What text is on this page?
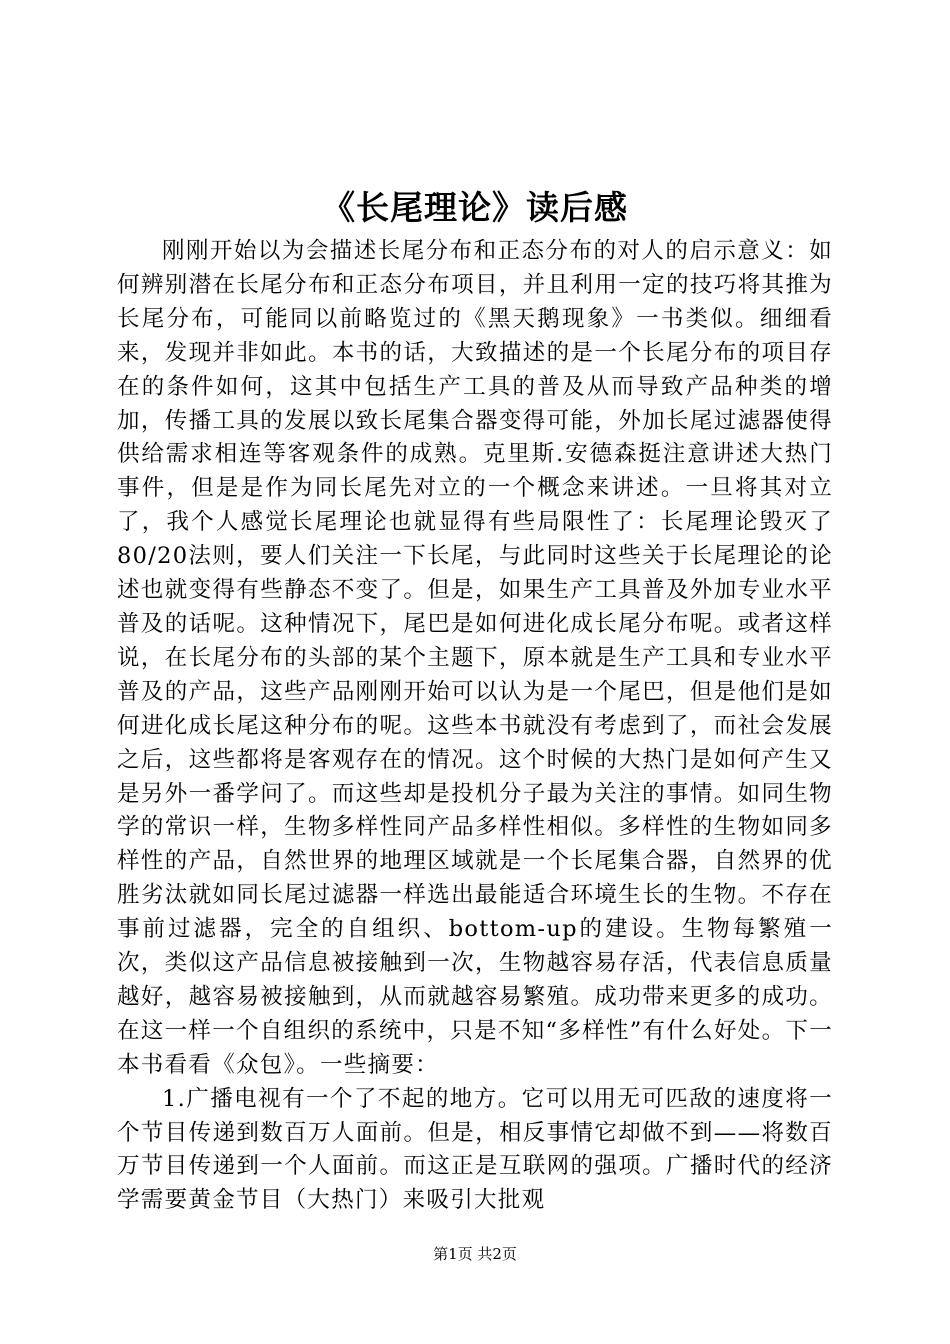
《长尾理论》读后感

刚刚开始以为会描述长尾分布和正态分布的对人的启示意义：如何辨别潜在长尾分布和正态分布项目，并且利用一定的技巧将其推为长尾分布，可能同以前略览过的《黑天鹅现象》一书类似。细细看来，发现并非如此。本书的话，大致描述的是一个长尾分布的项目存在的条件如何，这其中包括生产工具的普及从而导致产品种类的增加，传播工具的发展以致长尾集合器变得可能，外加长尾过滤器使得供给需求相连等客观条件的成熟。克里斯.安德森挺注意讲述大热门事件，但是是作为同长尾先对立的一个概念来讲述。一旦将其对立了，我个人感觉长尾理论也就显得有些局限性了：长尾理论毁灭了80/20法则，要人们关注一下长尾，与此同时这些关于长尾理论的论述也就变得有些静态不变了。但是，如果生产工具普及外加专业水平普及的话呢。这种情况下，尾巴是如何进化成长尾分布呢。或者这样说，在长尾分布的头部的某个主题下，原本就是生产工具和专业水平普及的产品，这些产品刚刚开始可以认为是一个尾巴，但是他们是如何进化成长尾这种分布的呢。这些本书就没有考虑到了，而社会发展之后，这些都将是客观存在的情况。这个时候的大热门是如何产生又是另外一番学问了。而这些却是投机分子最为关注的事情。如同生物学的常识一样，生物多样性同产品多样性相似。多样性的生物如同多样性的产品，自然世界的地理区域就是一个长尾集合器，自然界的优胜劣汰就如同长尾过滤器一样选出最能适合环境生长的生物。不存在事前过滤器，完全的自组织、bottom-up的建设。生物每繁殖一次，类似这产品信息被接触到一次，生物越容易存活，代表信息质量越好，越容易被接触到，从而就越容易繁殖。成功带来更多的成功。在这一样一个自组织的系统中，只是不知“多样性”有什么好处。下一本书看看《众包》。一些摘要：

1.广播电视有一个了不起的地方。它可以用无可匹敌的速度将一个节目传递到数百万人面前。但是，相反事情它却做不到——将数百万节目传递到一个人面前。而这正是互联网的强项。广播时代的经济学需要黄金节目（大热门）来吸引大批观

第1页 共2页
